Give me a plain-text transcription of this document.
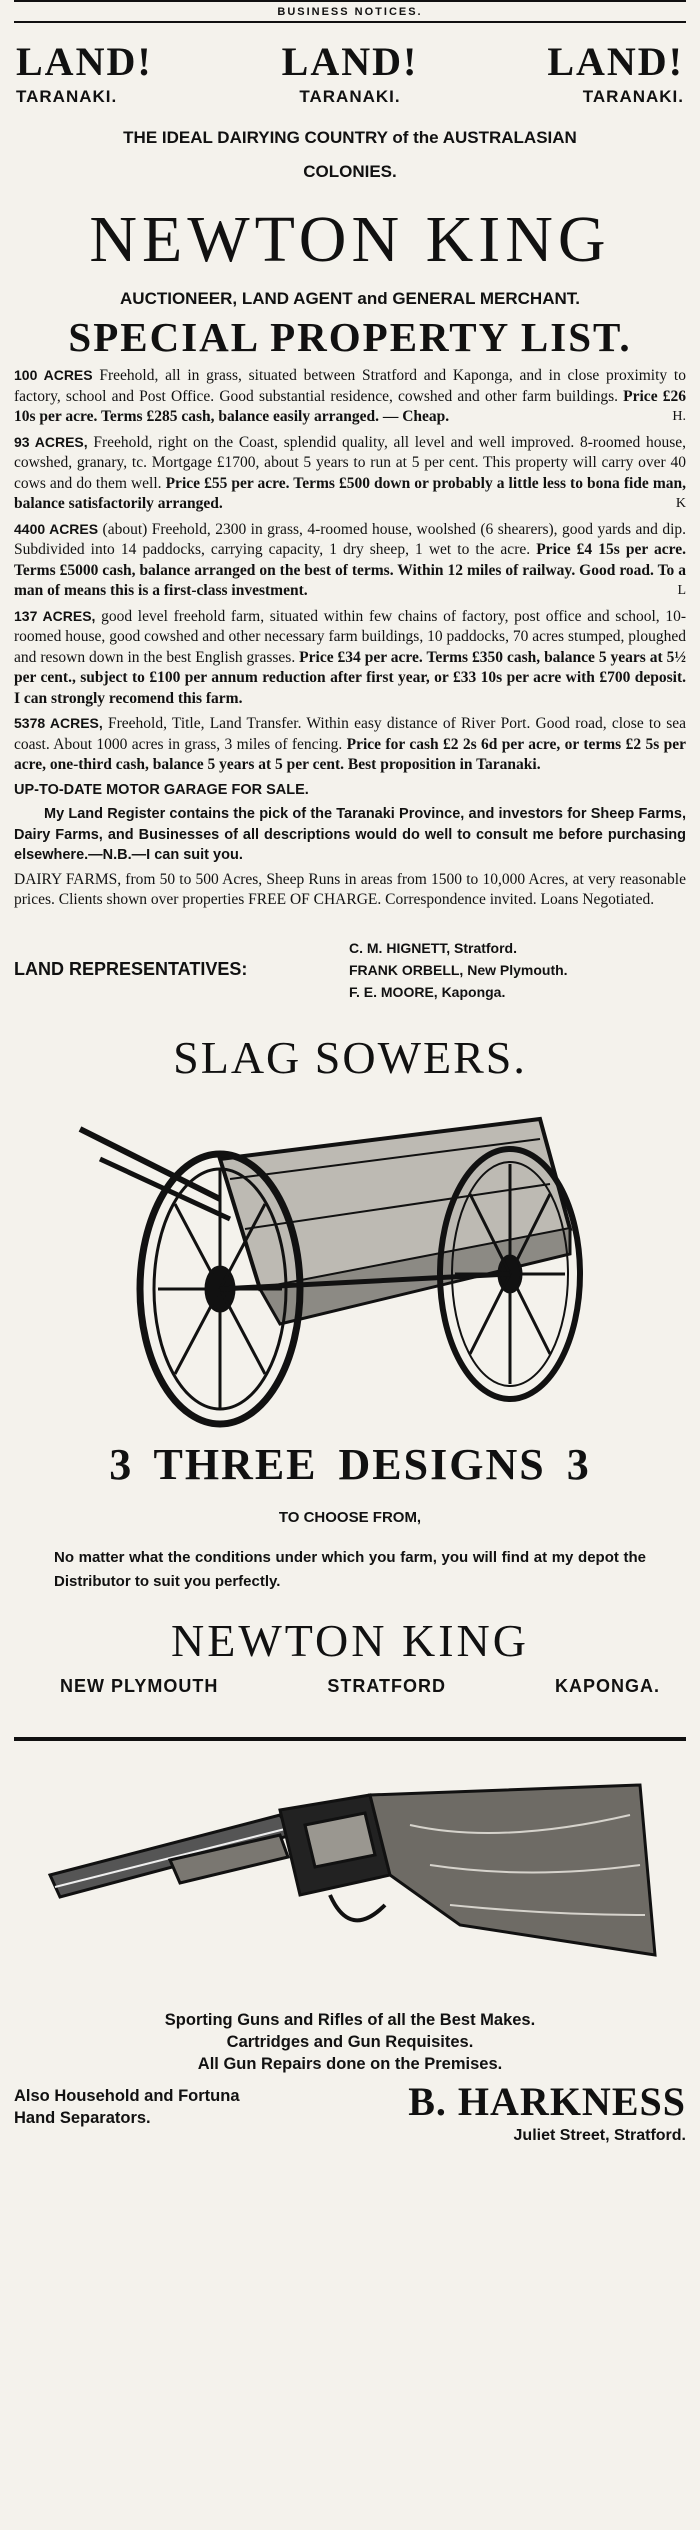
BUSINESS NOTICES.
LAND!
TARANAKI.
LAND!
TARANAKI.
LAND!
TARANAKI.
THE IDEAL DAIRYING COUNTRY of the AUSTRALASIAN
COLONIES.
NEWTON KING
AUCTIONEER, LAND AGENT and GENERAL MERCHANT.
SPECIAL PROPERTY LIST.

100 ACRES Freehold, all in grass, situated between Stratford and Kaponga, and in close proximity to factory, school and Post Office. Good substantial residence, cowshed and other farm buildings. Price £26 10s per acre. Terms £285 cash, balance easily arranged. — Cheap.	H.

93 ACRES, Freehold, right on the Coast, splendid quality, all level and well improved. 8-roomed house, cowshed, granary, tc. Mortgage £1700, about 5 years to run at 5 per cent. This property will carry over 40 cows and do them well. Price £55 per acre. Terms £500 down or probably a little less to bona fide man, balance satisfactorily arranged.	K

4400 ACRES (about) Freehold, 2300 in grass, 4-roomed house, woolshed (6 shearers), good yards and dip. Subdivided into 14 paddocks, carrying capacity, 1 dry sheep, 1 wet to the acre. Price £4 15s per acre. Terms £5000 cash, balance arranged on the best of terms. Within 12 miles of railway. Good road. To a man of means this is a first-class investment.	L

137 ACRES, good level freehold farm, situated within few chains of factory, post office and school, 10-roomed house, good cowshed and other necessary farm buildings, 10 paddocks, 70 acres stumped, ploughed and resown down in the best English grasses. Price £34 per acre. Terms £350 cash, balance 5 years at 5½ per cent., subject to £100 per annum reduction after first year, or £33 10s per acre with £700 deposit. I can strongly recomend this farm.

5378 ACRES, Freehold, Title, Land Transfer. Within easy distance of River Port. Good road, close to sea coast. About 1000 acres in grass, 3 miles of fencing. Price for cash £2 2s 6d per acre, or terms £2 5s per acre, one-third cash, balance 5 years at 5 per cent. Best proposition in Taranaki.

UP-TO-DATE MOTOR GARAGE FOR SALE.

My Land Register contains the pick of the Taranaki Province, and investors for Sheep Farms, Dairy Farms, and Businesses of all descriptions would do well to consult me before purchasing elsewhere.—N.B.—I can suit you.

DAIRY FARMS, from 50 to 500 Acres, Sheep Runs in areas from 1500 to 10,000 Acres, at very reasonable prices. Clients shown over properties FREE OF CHARGE. Correspondence invited. Loans Negotiated.

LAND REPRESENTATIVES:
C. M. HIGNETT, Stratford.
FRANK ORBELL, New Plymouth.
F. E. MOORE, Kaponga.
SLAG SOWERS.
3 THREE DESIGNS 3
TO CHOOSE FROM,
No matter what the conditions under which you farm, you will find at my depot the Distributor to suit you perfectly.
NEWTON KING
NEW PLYMOUTH	STRATFORD	KAPONGA.
Sporting Guns and Rifles of all the Best Makes.
Cartridges and Gun Requisites.
All Gun Repairs done on the Premises.
Also Household and Fortuna
Hand Separators.	B. HARKNESS
Juliet Street, Stratford.
